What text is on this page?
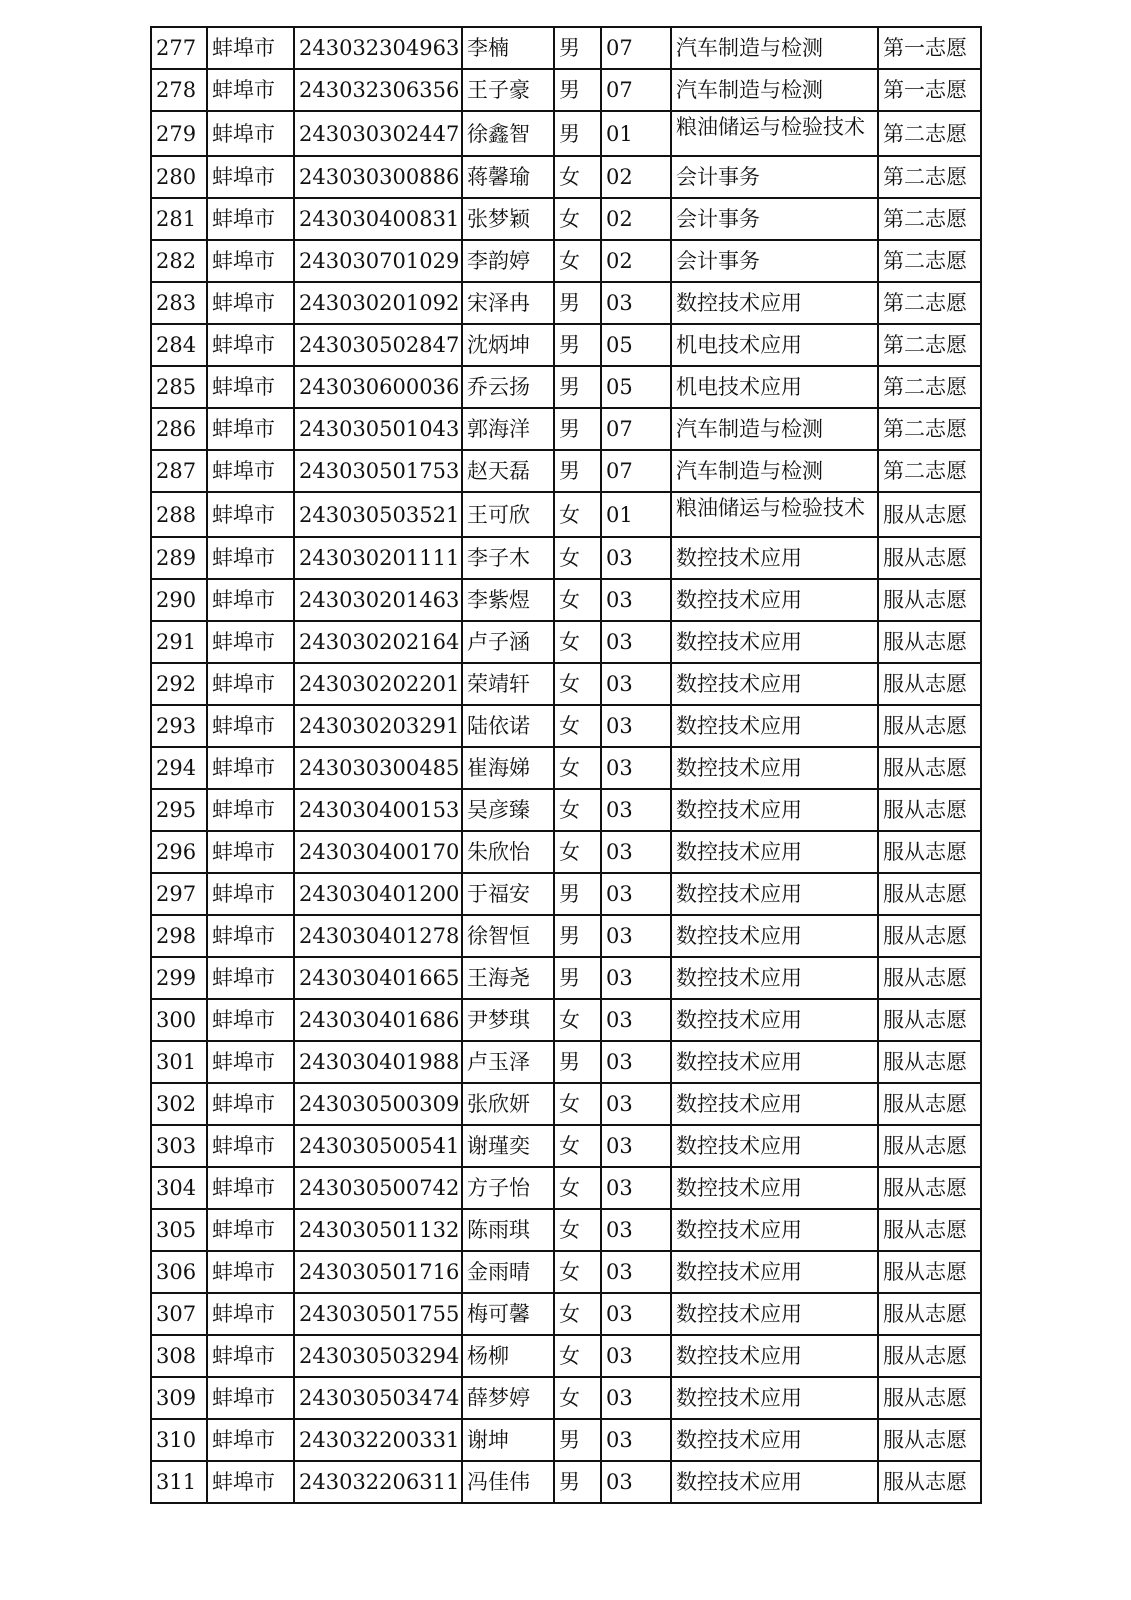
277	蚌埠市	243032304963	李楠	男	07	汽车制造与检测	第一志愿
278	蚌埠市	243032306356	王子豪	男	07	汽车制造与检测	第一志愿
279	蚌埠市	243030302447	徐鑫智	男	01	粮油储运与检验技术	第二志愿
280	蚌埠市	243030300886	蒋馨瑜	女	02	会计事务	第二志愿
281	蚌埠市	243030400831	张梦颖	女	02	会计事务	第二志愿
282	蚌埠市	243030701029	李韵婷	女	02	会计事务	第二志愿
283	蚌埠市	243030201092	宋泽冉	男	03	数控技术应用	第二志愿
284	蚌埠市	243030502847	沈炳坤	男	05	机电技术应用	第二志愿
285	蚌埠市	243030600036	乔云扬	男	05	机电技术应用	第二志愿
286	蚌埠市	243030501043	郭海洋	男	07	汽车制造与检测	第二志愿
287	蚌埠市	243030501753	赵天磊	男	07	汽车制造与检测	第二志愿
288	蚌埠市	243030503521	王可欣	女	01	粮油储运与检验技术	服从志愿
289	蚌埠市	243030201111	李子木	女	03	数控技术应用	服从志愿
290	蚌埠市	243030201463	李紫煜	女	03	数控技术应用	服从志愿
291	蚌埠市	243030202164	卢子涵	女	03	数控技术应用	服从志愿
292	蚌埠市	243030202201	荣靖轩	女	03	数控技术应用	服从志愿
293	蚌埠市	243030203291	陆依诺	女	03	数控技术应用	服从志愿
294	蚌埠市	243030300485	崔海娣	女	03	数控技术应用	服从志愿
295	蚌埠市	243030400153	吴彦臻	女	03	数控技术应用	服从志愿
296	蚌埠市	243030400170	朱欣怡	女	03	数控技术应用	服从志愿
297	蚌埠市	243030401200	于福安	男	03	数控技术应用	服从志愿
298	蚌埠市	243030401278	徐智恒	男	03	数控技术应用	服从志愿
299	蚌埠市	243030401665	王海尧	男	03	数控技术应用	服从志愿
300	蚌埠市	243030401686	尹梦琪	女	03	数控技术应用	服从志愿
301	蚌埠市	243030401988	卢玉泽	男	03	数控技术应用	服从志愿
302	蚌埠市	243030500309	张欣妍	女	03	数控技术应用	服从志愿
303	蚌埠市	243030500541	谢瑾奕	女	03	数控技术应用	服从志愿
304	蚌埠市	243030500742	方子怡	女	03	数控技术应用	服从志愿
305	蚌埠市	243030501132	陈雨琪	女	03	数控技术应用	服从志愿
306	蚌埠市	243030501716	金雨晴	女	03	数控技术应用	服从志愿
307	蚌埠市	243030501755	梅可馨	女	03	数控技术应用	服从志愿
308	蚌埠市	243030503294	杨柳	女	03	数控技术应用	服从志愿
309	蚌埠市	243030503474	薛梦婷	女	03	数控技术应用	服从志愿
310	蚌埠市	243032200331	谢坤	男	03	数控技术应用	服从志愿
311	蚌埠市	243032206311	冯佳伟	男	03	数控技术应用	服从志愿
